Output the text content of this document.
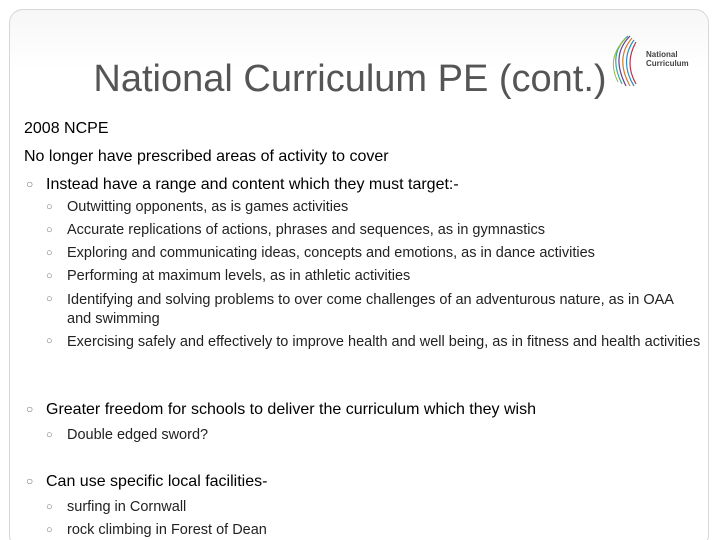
National Curriculum PE (cont.)
National
Curriculum
2008 NCPE
No longer have prescribed areas of activity to cover
○ Instead have a range and content which they must target:-
○ Outwitting opponents, as is games activities
○ Accurate replications of actions, phrases and sequences, as in gymnastics
○ Exploring and communicating ideas, concepts and emotions, as in dance activities
○ Performing at maximum levels, as in athletic activities
○ Identifying and solving problems to over come challenges of an adventurous nature, as in OAA and swimming
○ Exercising safely and effectively to improve health and well being, as in fitness and health activities
○ Greater freedom for schools to deliver the curriculum which they wish
○ Double edged sword?
○ Can use specific local facilities-
○ surfing in Cornwall
○ rock climbing in Forest of Dean
